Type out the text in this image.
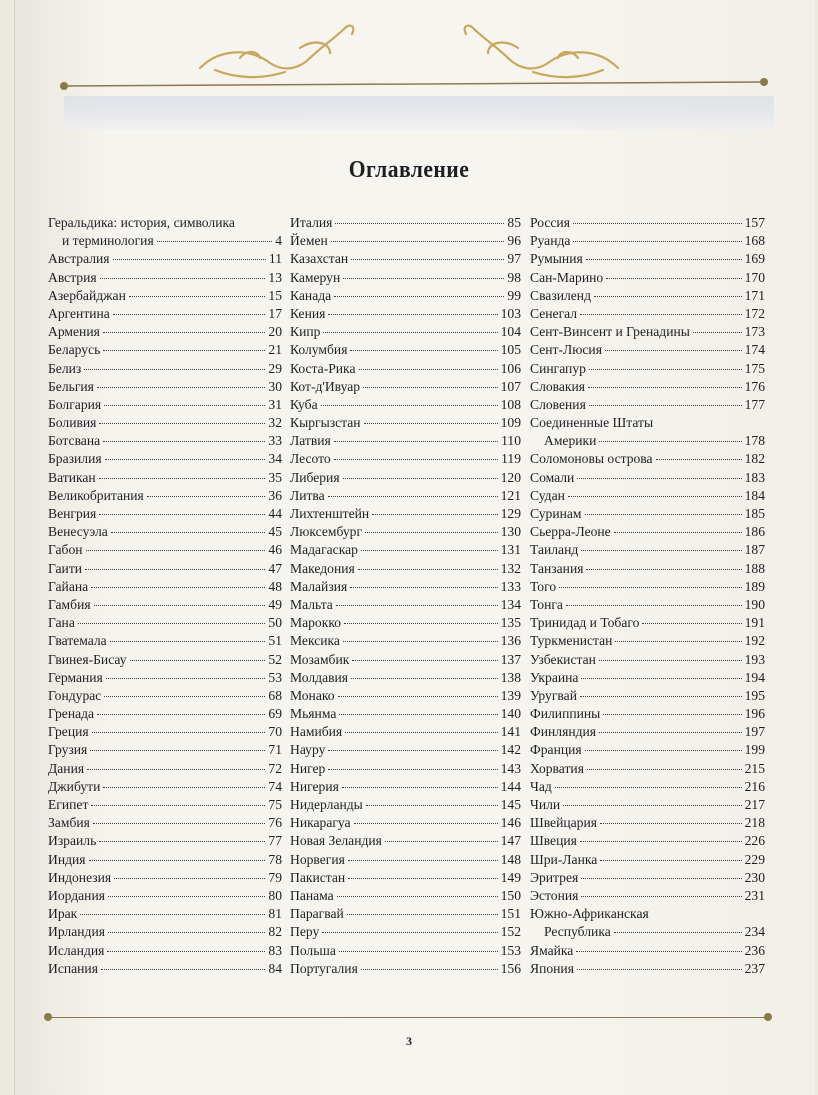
Оглавление
Геральдика: история, символика
и терминология	4
Австралия	11
Австрия	13
Азербайджан	15
Аргентина	17
Армения	20
Беларусь	21
Белиз	29
Бельгия	30
Болгария	31
Боливия	32
Ботсвана	33
Бразилия	34
Ватикан	35
Великобритания	36
Венгрия	44
Венесуэла	45
Габон	46
Гаити	47
Гайана	48
Гамбия	49
Гана	50
Гватемала	51
Гвинея-Бисау	52
Германия	53
Гондурас	68
Гренада	69
Греция	70
Грузия	71
Дания	72
Джибути	74
Египет	75
Замбия	76
Израиль	77
Индия	78
Индонезия	79
Иордания	80
Ирак	81
Ирландия	82
Исландия	83
Испания	84
Италия	85
Йемен	96
Казахстан	97
Камерун	98
Канада	99
Кения	103
Кипр	104
Колумбия	105
Коста-Рика	106
Кот-д'Ивуар	107
Куба	108
Кыргызстан	109
Латвия	110
Лесото	119
Либерия	120
Литва	121
Лихтенштейн	129
Люксембург	130
Мадагаскар	131
Македония	132
Малайзия	133
Мальта	134
Марокко	135
Мексика	136
Мозамбик	137
Молдавия	138
Монако	139
Мьянма	140
Намибия	141
Науру	142
Нигер	143
Нигерия	144
Нидерланды	145
Никарагуа	146
Новая Зеландия	147
Норвегия	148
Пакистан	149
Панама	150
Парагвай	151
Перу	152
Польша	153
Португалия	156
Россия	157
Руанда	168
Румыния	169
Сан-Марино	170
Свазиленд	171
Сенегал	172
Сент-Винсент и Гренадины	173
Сент-Люсия	174
Сингапур	175
Словакия	176
Словения	177
Соединенные Штаты
Америки	178
Соломоновы острова	182
Сомали	183
Судан	184
Суринам	185
Сьерра-Леоне	186
Таиланд	187
Танзания	188
Того	189
Тонга	190
Тринидад и Тобаго	191
Туркменистан	192
Узбекистан	193
Украина	194
Уругвай	195
Филиппины	196
Финляндия	197
Франция	199
Хорватия	215
Чад	216
Чили	217
Швейцария	218
Швеция	226
Шри-Ланка	229
Эритрея	230
Эстония	231
Южно-Африканская
Республика	234
Ямайка	236
Япония	237
3
